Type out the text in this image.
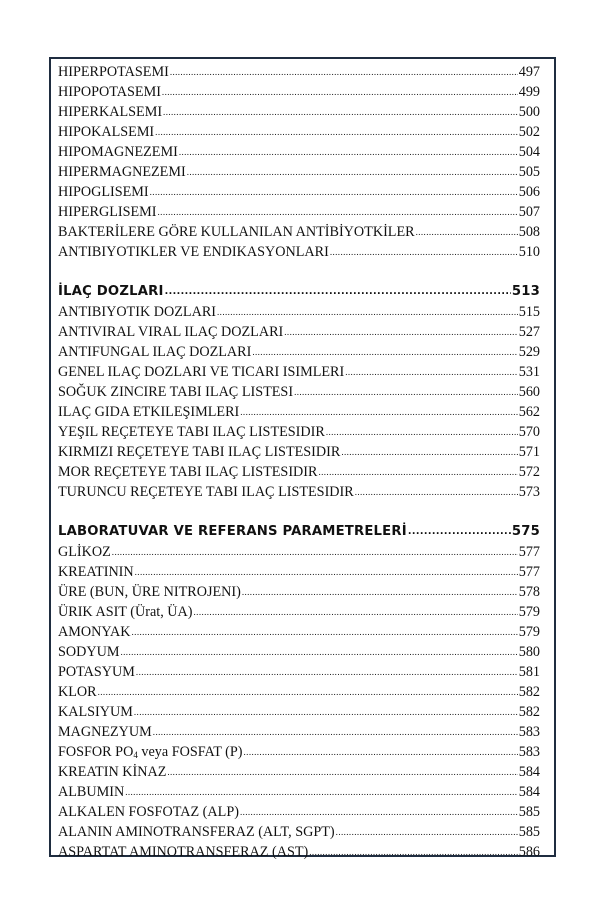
HIPERPOTASEMI .....	497
HIPOPOTASEMI .....	499
HIPERKALSEMI .....	500
HIPOKALSEMI .....	502
HIPOMAGNEZEMI .....	504
HIPERMAGNEZEMI .....	505
HIPOGLISEMI .....	506
HIPERGLISEMI .....	507
BAKTERİLERE GÖRE KULLANILAN ANTİBİYOTKİLER .....	508
ANTIBIYOTIKLER VE ENDIKASYONLARI .....	510
İLAÇ DOZLARI .....	513
ANTIBIYOTIK DOZLARI .....	515
ANTIVIRAL VIRAL ILAÇ DOZLARI .....	527
ANTIFUNGAL ILAÇ DOZLARI .....	529
GENEL ILAÇ DOZLARI VE TICARI ISIMLERI .....	531
SOĞUK ZINCIRE TABI ILAÇ LISTESI .....	560
ILAÇ GIDA ETKILEŞIMLERI .....	562
YEŞIL REÇETEYE TABI ILAÇ LISTESIDIR .....	570
KIRMIZI REÇETEYE TABI ILAÇ LISTESIDIR .....	571
MOR REÇETEYE TABI ILAÇ LISTESIDIR .....	572
TURUNCU REÇETEYE TABI ILAÇ LISTESIDIR .....	573
LABORATUVAR VE REFERANS PARAMETRELERİ .....	575
GLİKOZ .....	577
KREATININ .....	577
ÜRE (BUN, ÜRE NITROJENI) .....	578
ÜRIK ASIT (Ürat, ÜA) .....	579
AMONYAK .....	579
SODYUM .....	580
POTASYUM .....	581
KLOR .....	582
KALSIYUM .....	582
MAGNEZYUM .....	583
FOSFOR $PO_4$ veya FOSFAT (P) .....	583
KREATIN KİNAZ .....	584
ALBUMIN .....	584
ALKALEN FOSFOTAZ (ALP) .....	585
ALANIN AMINOTRANSFERAZ (ALT, SGPT) .....	585
ASPARTAT AMINOTRANSFERAZ (AST) .....	586
